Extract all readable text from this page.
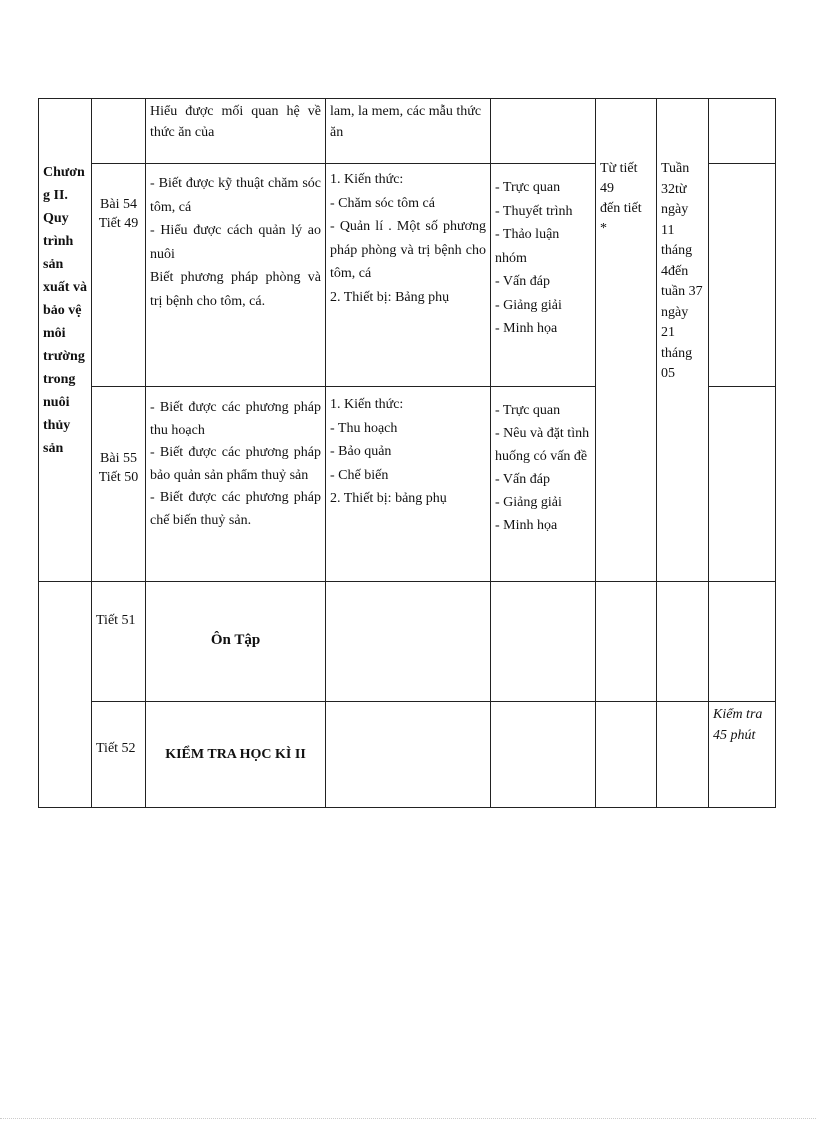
Chươn
g II.
Quy
trình
sản
xuất và
bảo vệ
môi
trường
trong
nuôi
thủy
sản
Hiểu được mối quan hệ về thức ăn của
lam, la mem, các mẫu thức ăn
Từ tiết 49
đến tiết *
Tuần
32từ
ngày 11
tháng
4đến
tuần 37
ngày 21
tháng
05
Kiểm tra
45 phút
Bài 54
Tiết 49
- Biết được kỹ thuật chăm sóc tôm, cá
- Hiểu được cách quản lý ao nuôi
Biết phương pháp phòng và trị bệnh cho tôm, cá.
1. Kiến thức:
- Chăm sóc tôm cá
- Quản lí . Một số phương pháp phòng và trị bệnh cho tôm, cá
2. Thiết bị: Bảng phụ
- Trực quan
- Thuyết trình
- Thảo luận nhóm
- Vấn đáp
- Giảng giải
- Minh họa
Bài 55
Tiết 50
- Biết được các phương pháp thu hoạch
- Biết được các phương pháp bảo quản sản phẩm thuỷ sản
- Biết được các phương pháp chế biến thuỷ sản.
1. Kiến thức:
- Thu hoạch
- Bảo quản
- Chế biến
2. Thiết bị: bảng phụ
- Trực quan
- Nêu và đặt tình huống có vấn đề
- Vấn đáp
- Giảng giải
- Minh họa
Tiết 51
Ôn Tập
Tiết 52	KIỂM TRA HỌC KÌ II
